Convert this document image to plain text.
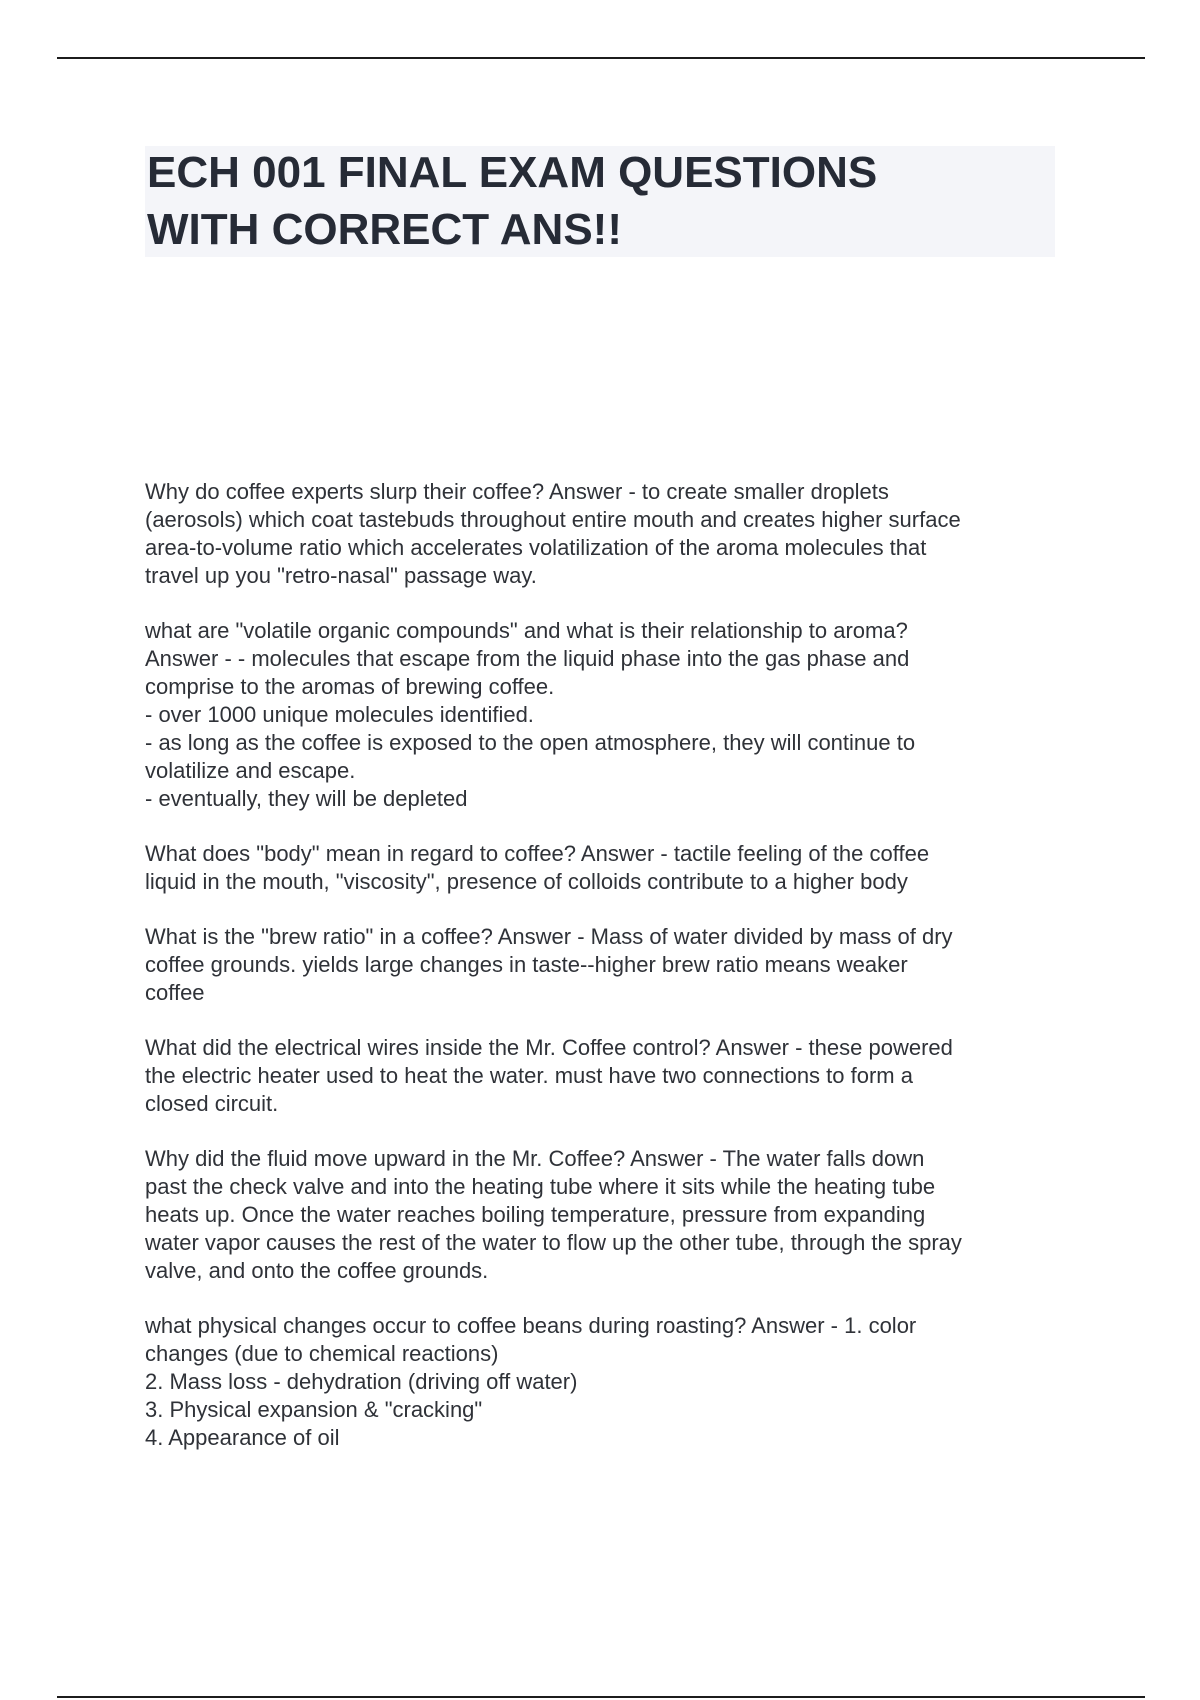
ECH 001 FINAL EXAM QUESTIONS
WITH CORRECT ANS!!

Why do coffee experts slurp their coffee? Answer - to create smaller droplets
(aerosols) which coat tastebuds throughout entire mouth and creates higher surface
area-to-volume ratio which accelerates volatilization of the aroma molecules that
travel up you "retro-nasal" passage way.

what are "volatile organic compounds" and what is their relationship to aroma?
Answer - - molecules that escape from the liquid phase into the gas phase and
comprise to the aromas of brewing coffee.
- over 1000 unique molecules identified.
- as long as the coffee is exposed to the open atmosphere, they will continue to
volatilize and escape.
- eventually, they will be depleted

What does "body" mean in regard to coffee? Answer - tactile feeling of the coffee
liquid in the mouth, "viscosity", presence of colloids contribute to a higher body

What is the "brew ratio" in a coffee? Answer - Mass of water divided by mass of dry
coffee grounds. yields large changes in taste--higher brew ratio means weaker
coffee

What did the electrical wires inside the Mr. Coffee control? Answer - these powered
the electric heater used to heat the water. must have two connections to form a
closed circuit.

Why did the fluid move upward in the Mr. Coffee? Answer - The water falls down
past the check valve and into the heating tube where it sits while the heating tube
heats up. Once the water reaches boiling temperature, pressure from expanding
water vapor causes the rest of the water to flow up the other tube, through the spray
valve, and onto the coffee grounds.

what physical changes occur to coffee beans during roasting? Answer - 1. color
changes (due to chemical reactions)
2. Mass loss - dehydration (driving off water)
3. Physical expansion & "cracking"
4. Appearance of oil
